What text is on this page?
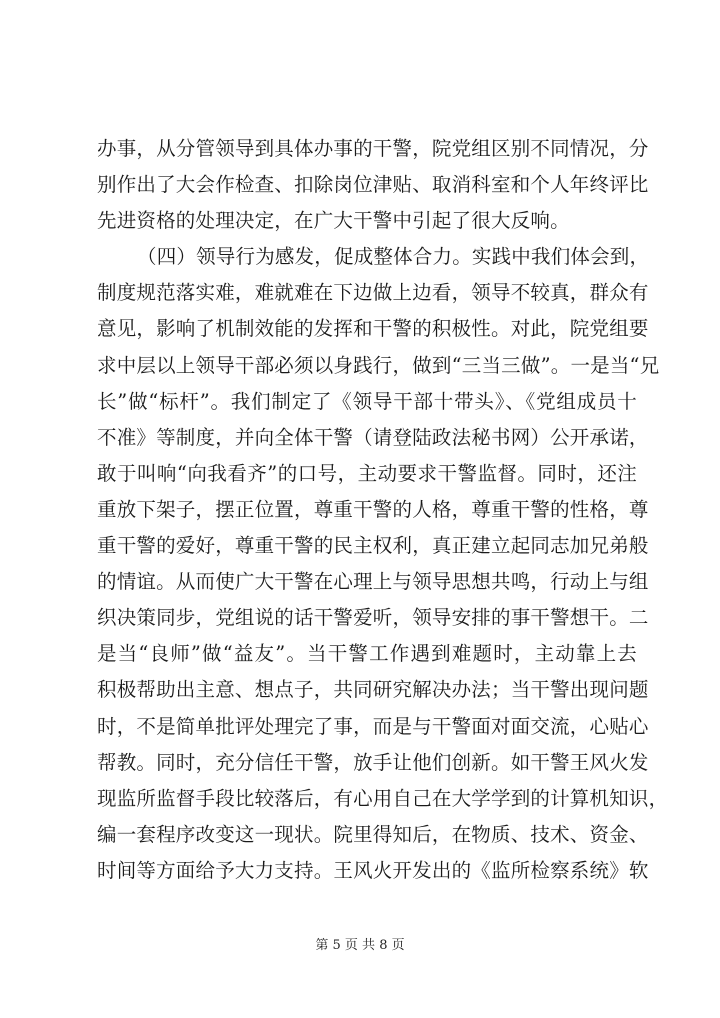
办事，从分管领导到具体办事的干警，院党组区别不同情况，分
别作出了大会作检查、扣除岗位津贴、取消科室和个人年终评比
先进资格的处理决定，在广大干警中引起了很大反响。
（四）领导行为感发，促成整体合力。实践中我们体会到，
制度规范落实难，难就难在下边做上边看，领导不较真，群众有
意见，影响了机制效能的发挥和干警的积极性。对此，院党组要
求中层以上领导干部必须以身践行，做到“三当三做”。一是当“兄
长”做“标杆”。我们制定了《领导干部十带头》、《党组成员十
不准》等制度，并向全体干警（请登陆政法秘书网）公开承诺，
敢于叫响“向我看齐”的口号，主动要求干警监督。同时，还注
重放下架子，摆正位置，尊重干警的人格，尊重干警的性格，尊
重干警的爱好，尊重干警的民主权利，真正建立起同志加兄弟般
的情谊。从而使广大干警在心理上与领导思想共鸣，行动上与组
织决策同步，党组说的话干警爱听，领导安排的事干警想干。二
是当“良师”做“益友”。当干警工作遇到难题时，主动靠上去
积极帮助出主意、想点子，共同研究解决办法；当干警出现问题
时，不是简单批评处理完了事，而是与干警面对面交流，心贴心
帮教。同时，充分信任干警，放手让他们创新。如干警王风火发
现监所监督手段比较落后，有心用自己在大学学到的计算机知识，
编一套程序改变这一现状。院里得知后，在物质、技术、资金、
时间等方面给予大力支持。王风火开发出的《监所检察系统》软
第 5 页 共 8 页
